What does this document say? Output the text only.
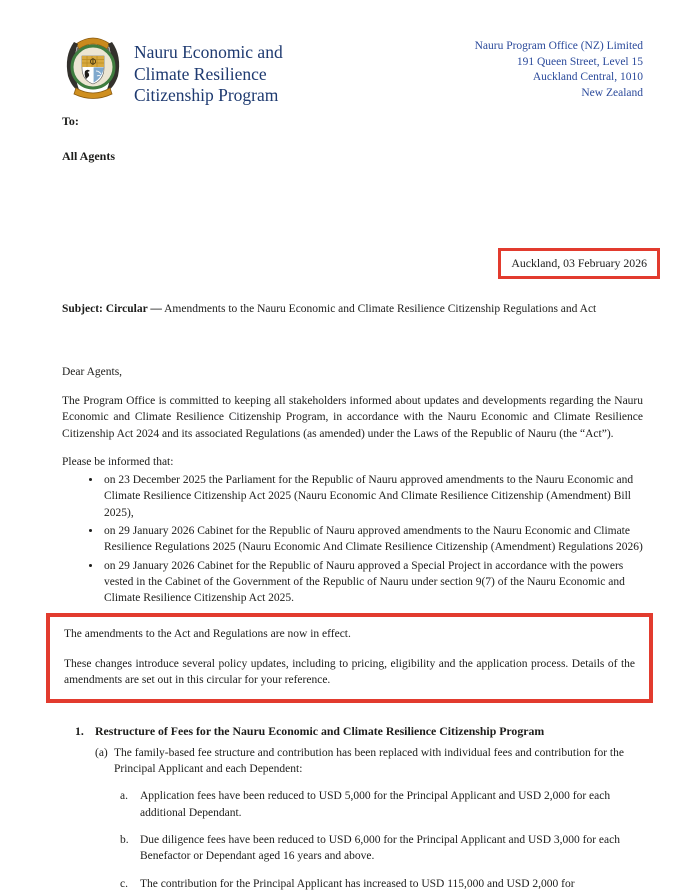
Nauru Economic and
Climate Resilience
Citizenship Program
Nauru Program Office (NZ) Limited
191 Queen Street, Level 15
Auckland Central, 1010
New Zealand
To:
All Agents
Auckland, 03 February 2026
Subject: Circular — Amendments to the Nauru Economic and Climate Resilience Citizenship Regulations and Act
Dear Agents,

The Program Office is committed to keeping all stakeholders informed about updates and developments regarding the Nauru Economic and Climate Resilience Citizenship Program, in accordance with the Nauru Economic and Climate Resilience Citizenship Act 2024 and its associated Regulations (as amended) under the Laws of the Republic of Nauru (the “Act”).

Please be informed that:
• on 23 December 2025 the Parliament for the Republic of Nauru approved amendments to the Nauru Economic and Climate Resilience Citizenship Act 2025 (Nauru Economic And Climate Resilience Citizenship (Amendment) Bill 2025),
• on 29 January 2026 Cabinet for the Republic of Nauru approved amendments to the Nauru Economic and Climate Resilience Regulations 2025 (Nauru Economic And Climate Resilience Citizenship (Amendment) Regulations 2026)
• on 29 January 2026 Cabinet for the Republic of Nauru approved a Special Project in accordance with the powers vested in the Cabinet of the Government of the Republic of Nauru under section 9(7) of the Nauru Economic and Climate Resilience Citizenship Act 2025.

The amendments to the Act and Regulations are now in effect.

These changes introduce several policy updates, including to pricing, eligibility and the application process. Details of the amendments are set out in this circular for your reference.

1. Restructure of Fees for the Nauru Economic and Climate Resilience Citizenship Program
(a) The family-based fee structure and contribution has been replaced with individual fees and contribution for the Principal Applicant and each Dependent:
a.	Application fees have been reduced to USD 5,000 for the Principal Applicant and USD 2,000 for each additional Dependant.
b. Due diligence fees have been reduced to USD 6,000 for the Principal Applicant and USD 3,000 for each Benefactor or Dependant aged 16 years and above.
c.	The contribution for the Principal Applicant has increased to USD 115,000 and USD 2,000 for
